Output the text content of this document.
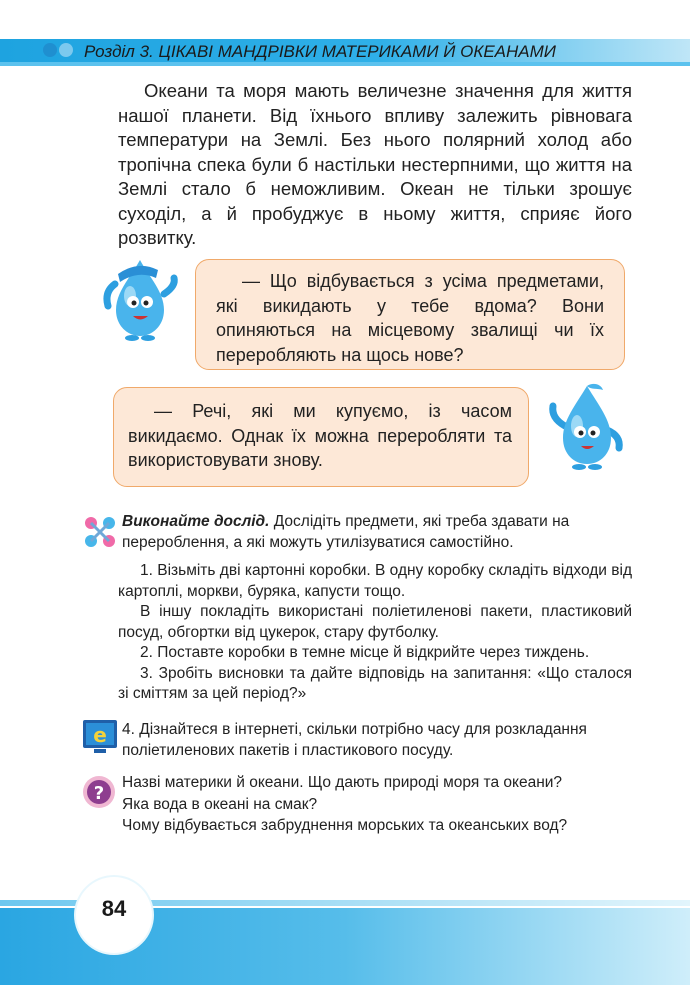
Розділ 3. ЦІКАВІ МАНДРІВКИ МАТЕРИКАМИ Й ОКЕАНАМИ

Океани та моря мають величезне значення для життя нашої планети. Від їхнього впливу залежить рівновага температури на Землі. Без нього полярний холод або тропічна спека були б настільки нестерпними, що життя на Землі стало б неможливим. Океан не тільки зрошує суходіл, а й пробуджує в ньому життя, сприяє його розвитку.

— Що відбувається з усіма предметами, які викидають у тебе вдома? Вони опиняються на місцевому звалищі чи їх переробляють на щось нове?
— Речі, які ми купуємо, із часом викидаємо. Однак їх можна переробляти та використовувати знову.

Виконайте дослід. Дослідіть предмети, які треба здавати на перероблення, а які можуть утилізуватися самостійно.

1. Візьміть дві картонні коробки. В одну коробку складіть відходи від картоплі, моркви, буряка, капусти тощо.

В іншу покладіть використані поліетиленові пакети, пластиковий посуд, обгортки від цукерок, стару футболку.

2. Поставте коробки в темне місце й відкрийте через тиждень.

3. Зробіть висновки та дайте відповідь на запитання: «Що сталося зі сміттям за цей період?»

e 4. Дізнайтеся в інтернеті, скільки потрібно часу для розкладання поліетиленових пакетів і пластикового посуду.

?

Назві материки й океани. Що дають природі моря та океани?

Яка вода в океані на смак?

Чому відбувається забруднення морських та океанських вод?

84
